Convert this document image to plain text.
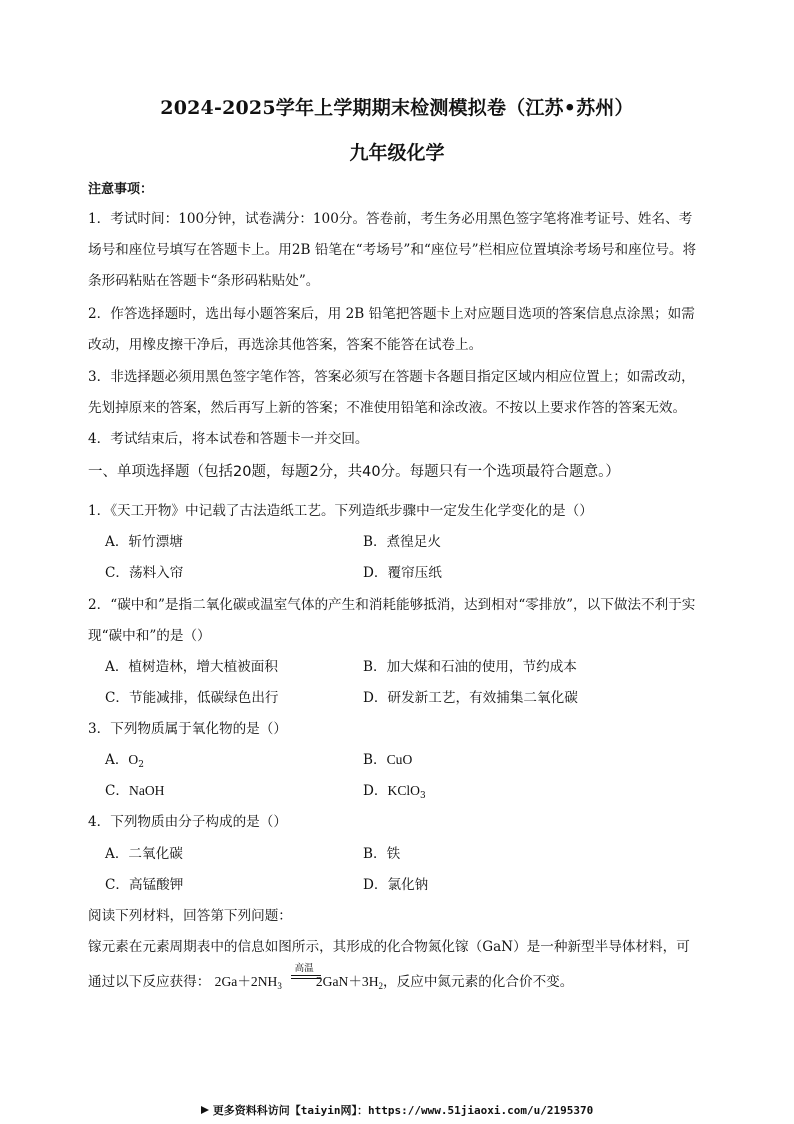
2024-2025学年上学期期末检测模拟卷（江苏•苏州）
九年级化学
注意事项：
1．考试时间：100分钟，试卷满分：100分。答卷前，考生务必用黑色签字笔将准考证号、姓名、考
场号和座位号填写在答题卡上。用2B 铅笔在“考场号”和“座位号”栏相应位置填涂考场号和座位号。将
条形码粘贴在答题卡“条形码粘贴处”。
2．作答选择题时，选出每小题答案后，用 2B 铅笔把答题卡上对应题目选项的答案信息点涂黑；如需
改动，用橡皮擦干净后，再选涂其他答案，答案不能答在试卷上。
3．非选择题必须用黑色签字笔作答，答案必须写在答题卡各题目指定区域内相应位置上；如需改动，
先划掉原来的答案，然后再写上新的答案；不准使用铅笔和涂改液。不按以上要求作答的答案无效。
4．考试结束后，将本试卷和答题卡一并交回。
一、单项选择题（包括20题，每题2分，共40分。每题只有一个选项最符合题意。）
1．《天工开物》中记载了古法造纸工艺。下列造纸步骤中一定发生化学变化的是（）
A．斩竹漂塘	B．煮徨足火
C．荡料入帘	D．覆帘压纸
2．“碳中和”是指二氧化碳或温室气体的产生和消耗能够抵消，达到相对“零排放”，以下做法不利于实
现“碳中和”的是（）
A．植树造林，增大植被面积	B．加大煤和石油的使用，节约成本
C．节能减排，低碳绿色出行	D．研发新工艺，有效捕集二氧化碳
3．下列物质属于氧化物的是（）
A．$O_2$	B．CuO
C．NaOH	D．KClO$_3$
4．下列物质由分子构成的是（）
A．二氧化碳	B．铁
C．高锰酸钾	D．氯化钠
阅读下列材料，回答第下列问题：
镓元素在元素周期表中的信息如图所示，其形成的化合物氮化镓（GaN）是一种新型半导体材料，可
通过以下反应获得： $2Ga+2NH_3$	$2GaN+3H_2$
高温
，反应中氮元素的化合价不变。
更多资料科访问【taiyin网】：https://www.51jiaoxi.com/u/2195370
